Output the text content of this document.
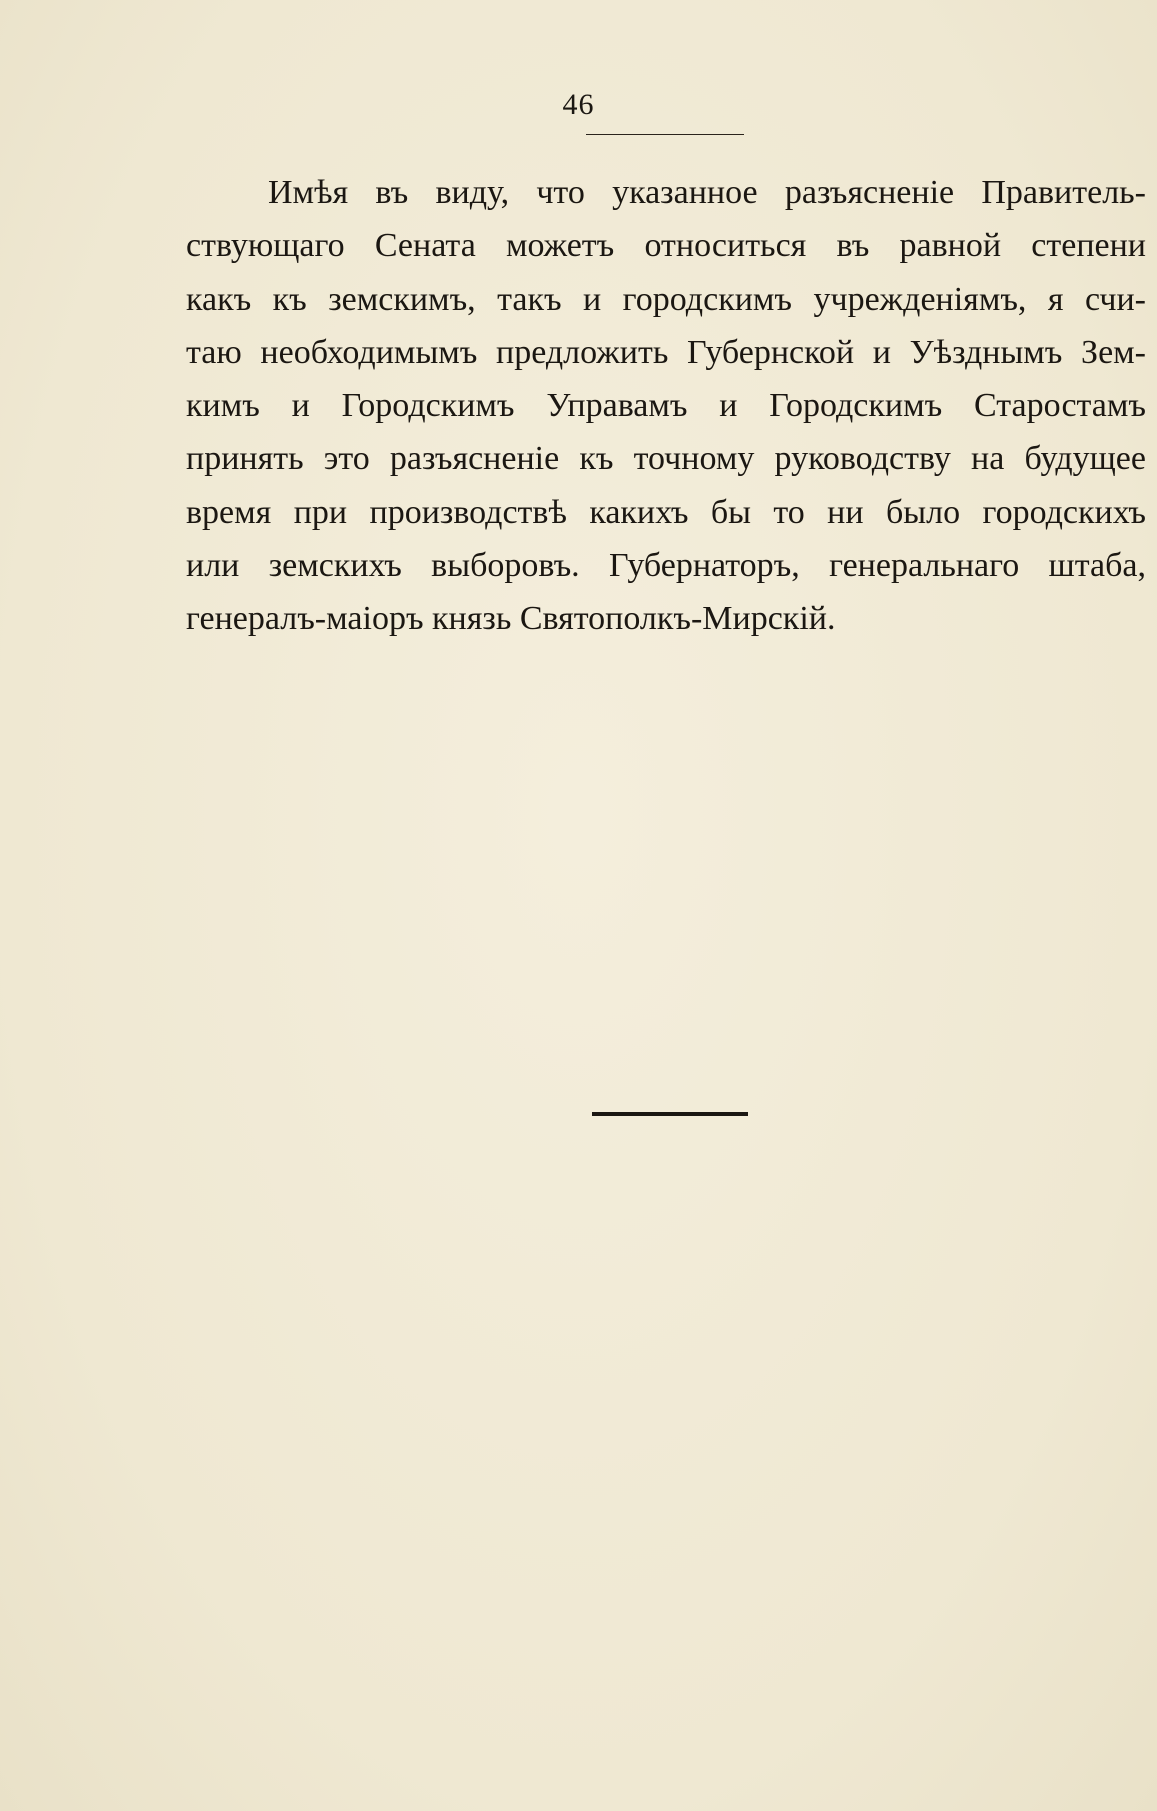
46
Имѣя въ виду, что указанное разъясненіе Правитель-
ствующаго Сената можетъ относиться въ равной степени
какъ къ земскимъ, такъ и городскимъ учрежденіямъ, я счи-
таю необходимымъ предложить Губернской и Уѣзднымъ Зем-
кимъ и Городскимъ Управамъ и Городскимъ Старостамъ
принять это разъясненіе къ точному руководству на будущее
время при производствѣ какихъ бы то ни было городскихъ
или земскихъ выборовъ. Губернаторъ, генеральнаго штаба,
генералъ-маіоръ князь Святополкъ-Мирскій.
